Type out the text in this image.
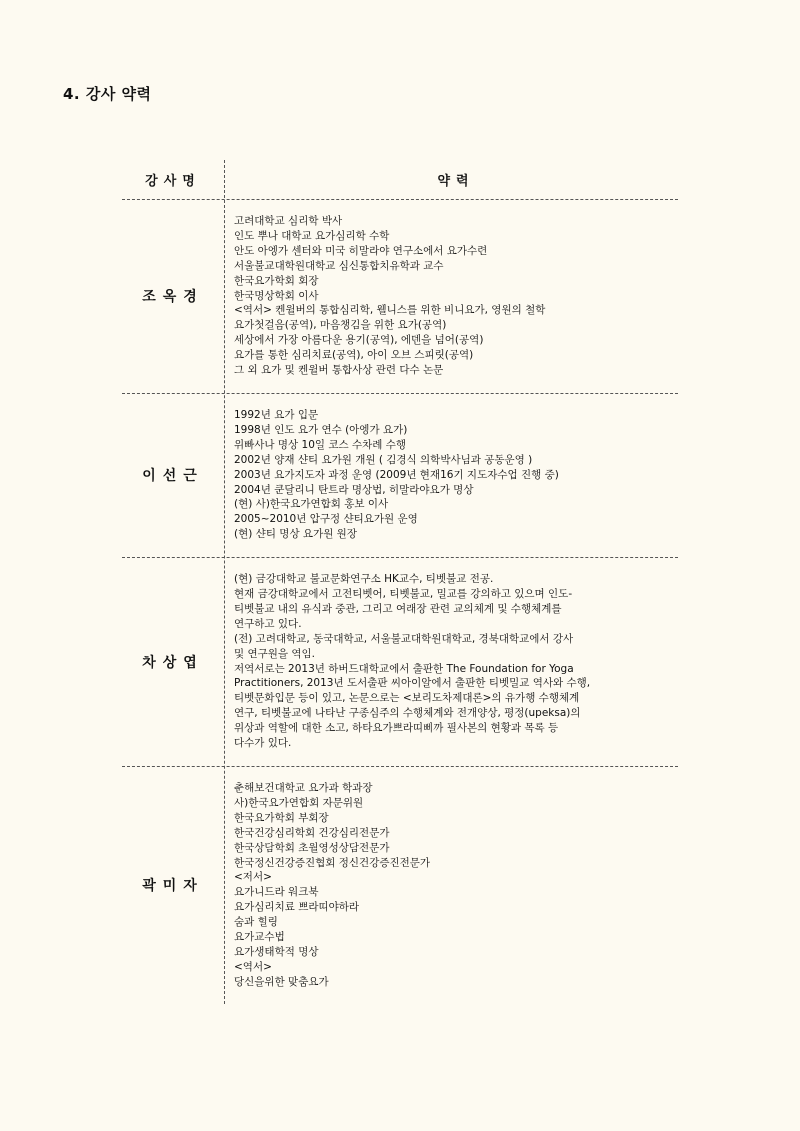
4. 강사 약력
강사명	약력
조옥경
고려대학교 심리학 박사
인도 뿌나 대학교 요가심리학 수학
안도 아엥가 센터와 미국 히말라야 연구소에서 요가수련
서울불교대학원대학교 심신통합치유학과 교수
한국요가학회 회장
한국명상학회 이사
<역서> 켄윌버의 통합심리학, 웰니스를 위한 비니요가, 영원의 철학
요가첫걸음(공역), 마음챙김을 위한 요가(공역)
세상에서 가장 아름다운 용기(공역), 에덴을 넘어(공역)
요가를 통한 심리치료(공역), 아이 오브 스피릿(공역)
그 외 요가 및 켄윌버 통합사상 관련 다수 논문
이선근
1992년 요가 입문
1998년 인도 요가 연수 (아엥가 요가)
위빠사나 명상 10일 코스 수차례 수행
2002년 양재 샨티 요가원 개원 ( 김경식 의학박사님과 공동운영 )
2003년 요가지도자 과정 운영 (2009년 현재16기 지도자수업 진행 중)
2004년 쿤달리니 탄트라 명상법, 히말라야요가 명상
(현) 사)한국요가연합회 홍보 이사
2005~2010년 압구정 샨티요가원 운영
(현) 샨티 명상 요가원 원장
차상엽
(현) 금강대학교 불교문화연구소 HK교수, 티벳불교 전공.
현재 금강대학교에서 고전티벳어, 티벳불교, 밀교를 강의하고 있으며 인도-
티벳불교 내의 유식과 중관, 그리고 여래장 관련 교의체계 및 수행체계를
연구하고 있다.
(전) 고려대학교, 동국대학교, 서울불교대학원대학교, 경북대학교에서 강사
및 연구원을 역임.
저역서로는 2013년 하버드대학교에서 출판한 The Foundation for Yoga
Practitioners, 2013년 도서출판 씨아이알에서 출판한 티벳밀교 역사와 수행,
티벳문화입문 등이 있고, 논문으로는 <보리도차제대론>의 유가행 수행체계
연구, 티벳불교에 나타난 구종심주의 수행체계와 전개양상, 평정(upeksa)의
위상과 역할에 대한 소고, 하타요가쁘라띠삐까 필사본의 현황과 목록 등
다수가 있다.
곽미자
춘해보건대학교 요가과 학과장
사)한국요가연합회 자문위원
한국요가학회 부회장
한국건강심리학회 건강심리전문가
한국상담학회 초월영성상담전문가
한국정신건강증진협회 정신건강증진전문가
<저서>
요가니드라 워크북
요가심리치료 쁘라띠야하라
숨과 힐링
요가교수법
요가생태학적 명상
<역서>
당신을위한 맞춤요가
